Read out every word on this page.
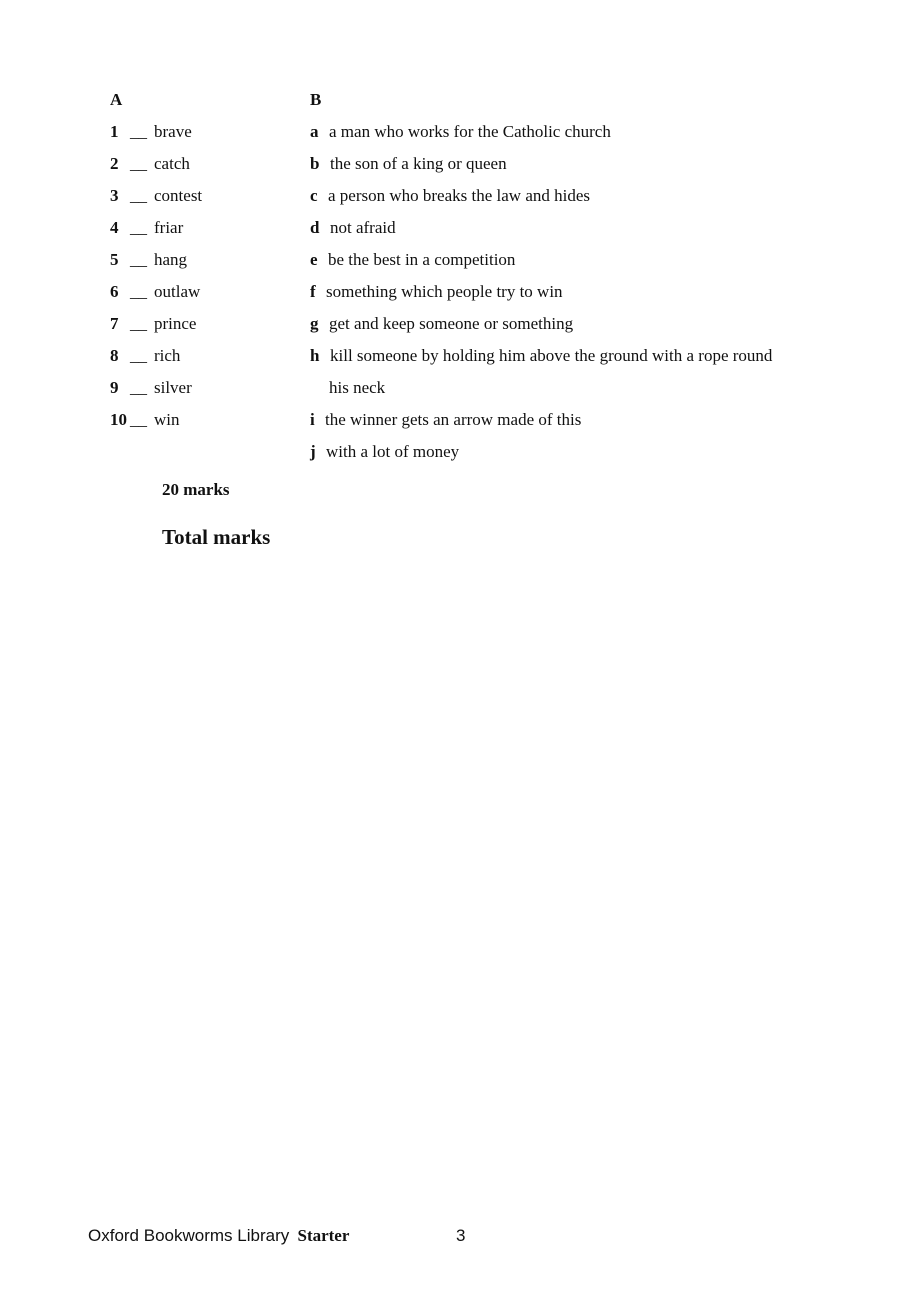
A	B
1 __ brave
2 __ catch
3 __ contest
4 __ friar
5 __ hang
6 __ outlaw
7 __ prince
8 __ rich
9 __ silver
10 __ win
a a man who works for the Catholic church
b the son of a king or queen
c a person who breaks the law and hides
d not afraid
e be the best in a competition
f something which people try to win
g get and keep someone or something
h kill someone by holding him above the ground with a rope round
his neck
i the winner gets an arrow made of this
j with a lot of money
20 marks
Total marks
Oxford Bookworms Library Starter	3
